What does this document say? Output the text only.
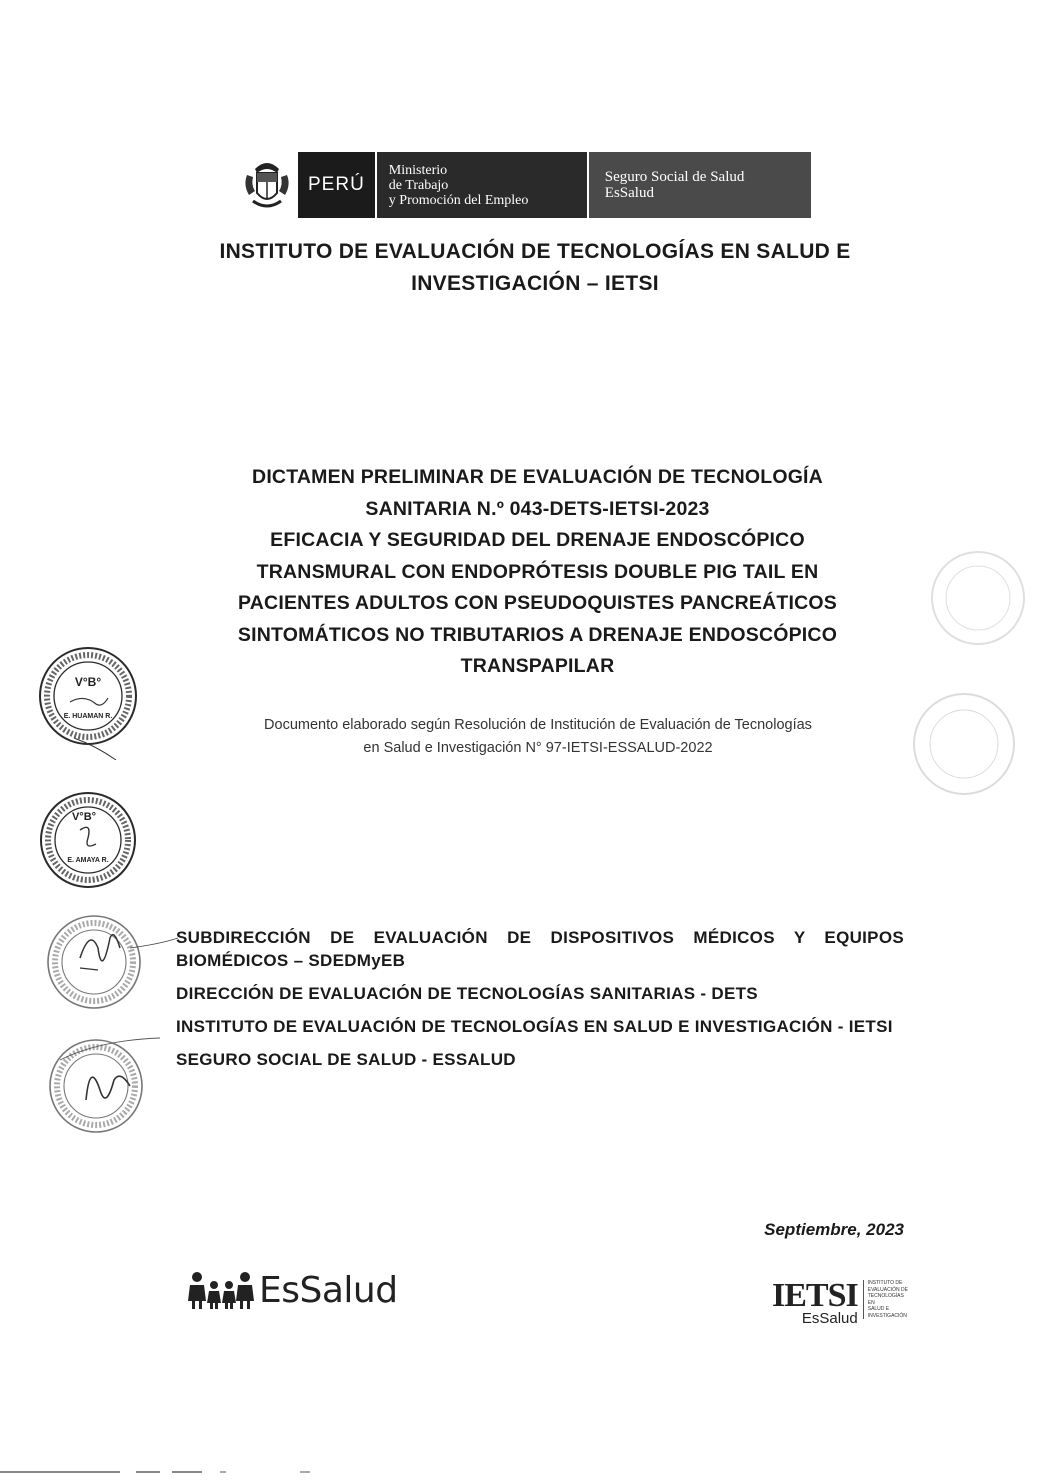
PERÚ
Ministerio
de Trabajo
y Promoción del Empleo
Seguro Social de Salud
EsSalud
INSTITUTO DE EVALUACIÓN DE TECNOLOGÍAS EN SALUD E
INVESTIGACIÓN – IETSI
DICTAMEN PRELIMINAR DE EVALUACIÓN DE TECNOLOGÍA
SANITARIA N.º 043-DETS-IETSI-2023
EFICACIA Y SEGURIDAD DEL DRENAJE ENDOSCÓPICO
TRANSMURAL CON ENDOPRÓTESIS DOUBLE PIG TAIL EN
PACIENTES ADULTOS CON PSEUDOQUISTES PANCREÁTICOS
SINTOMÁTICOS NO TRIBUTARIOS A DRENAJE ENDOSCÓPICO
TRANSPAPILAR
Documento elaborado según Resolución de Institución de Evaluación de Tecnologías
en Salud e Investigación N° 97-IETSI-ESSALUD-2022
SUBDIRECCIÓN DE EVALUACIÓN DE DISPOSITIVOS MÉDICOS Y EQUIPOS BIOMÉDICOS – SDEDMyEB
DIRECCIÓN DE EVALUACIÓN DE TECNOLOGÍAS SANITARIAS - DETS
INSTITUTO DE EVALUACIÓN DE TECNOLOGÍAS EN SALUD E INVESTIGACIÓN - IETSI
SEGURO SOCIAL DE SALUD - ESSALUD
Septiembre, 2023
V°B°
E. HUAMAN R.
V°B°
E. AMAYA R.
EsSalud	IETSI
EsSalud
INSTITUTO DE
EVALUACIÓN DE
TECNOLOGÍAS EN
SALUD E
INVESTIGACIÓN
